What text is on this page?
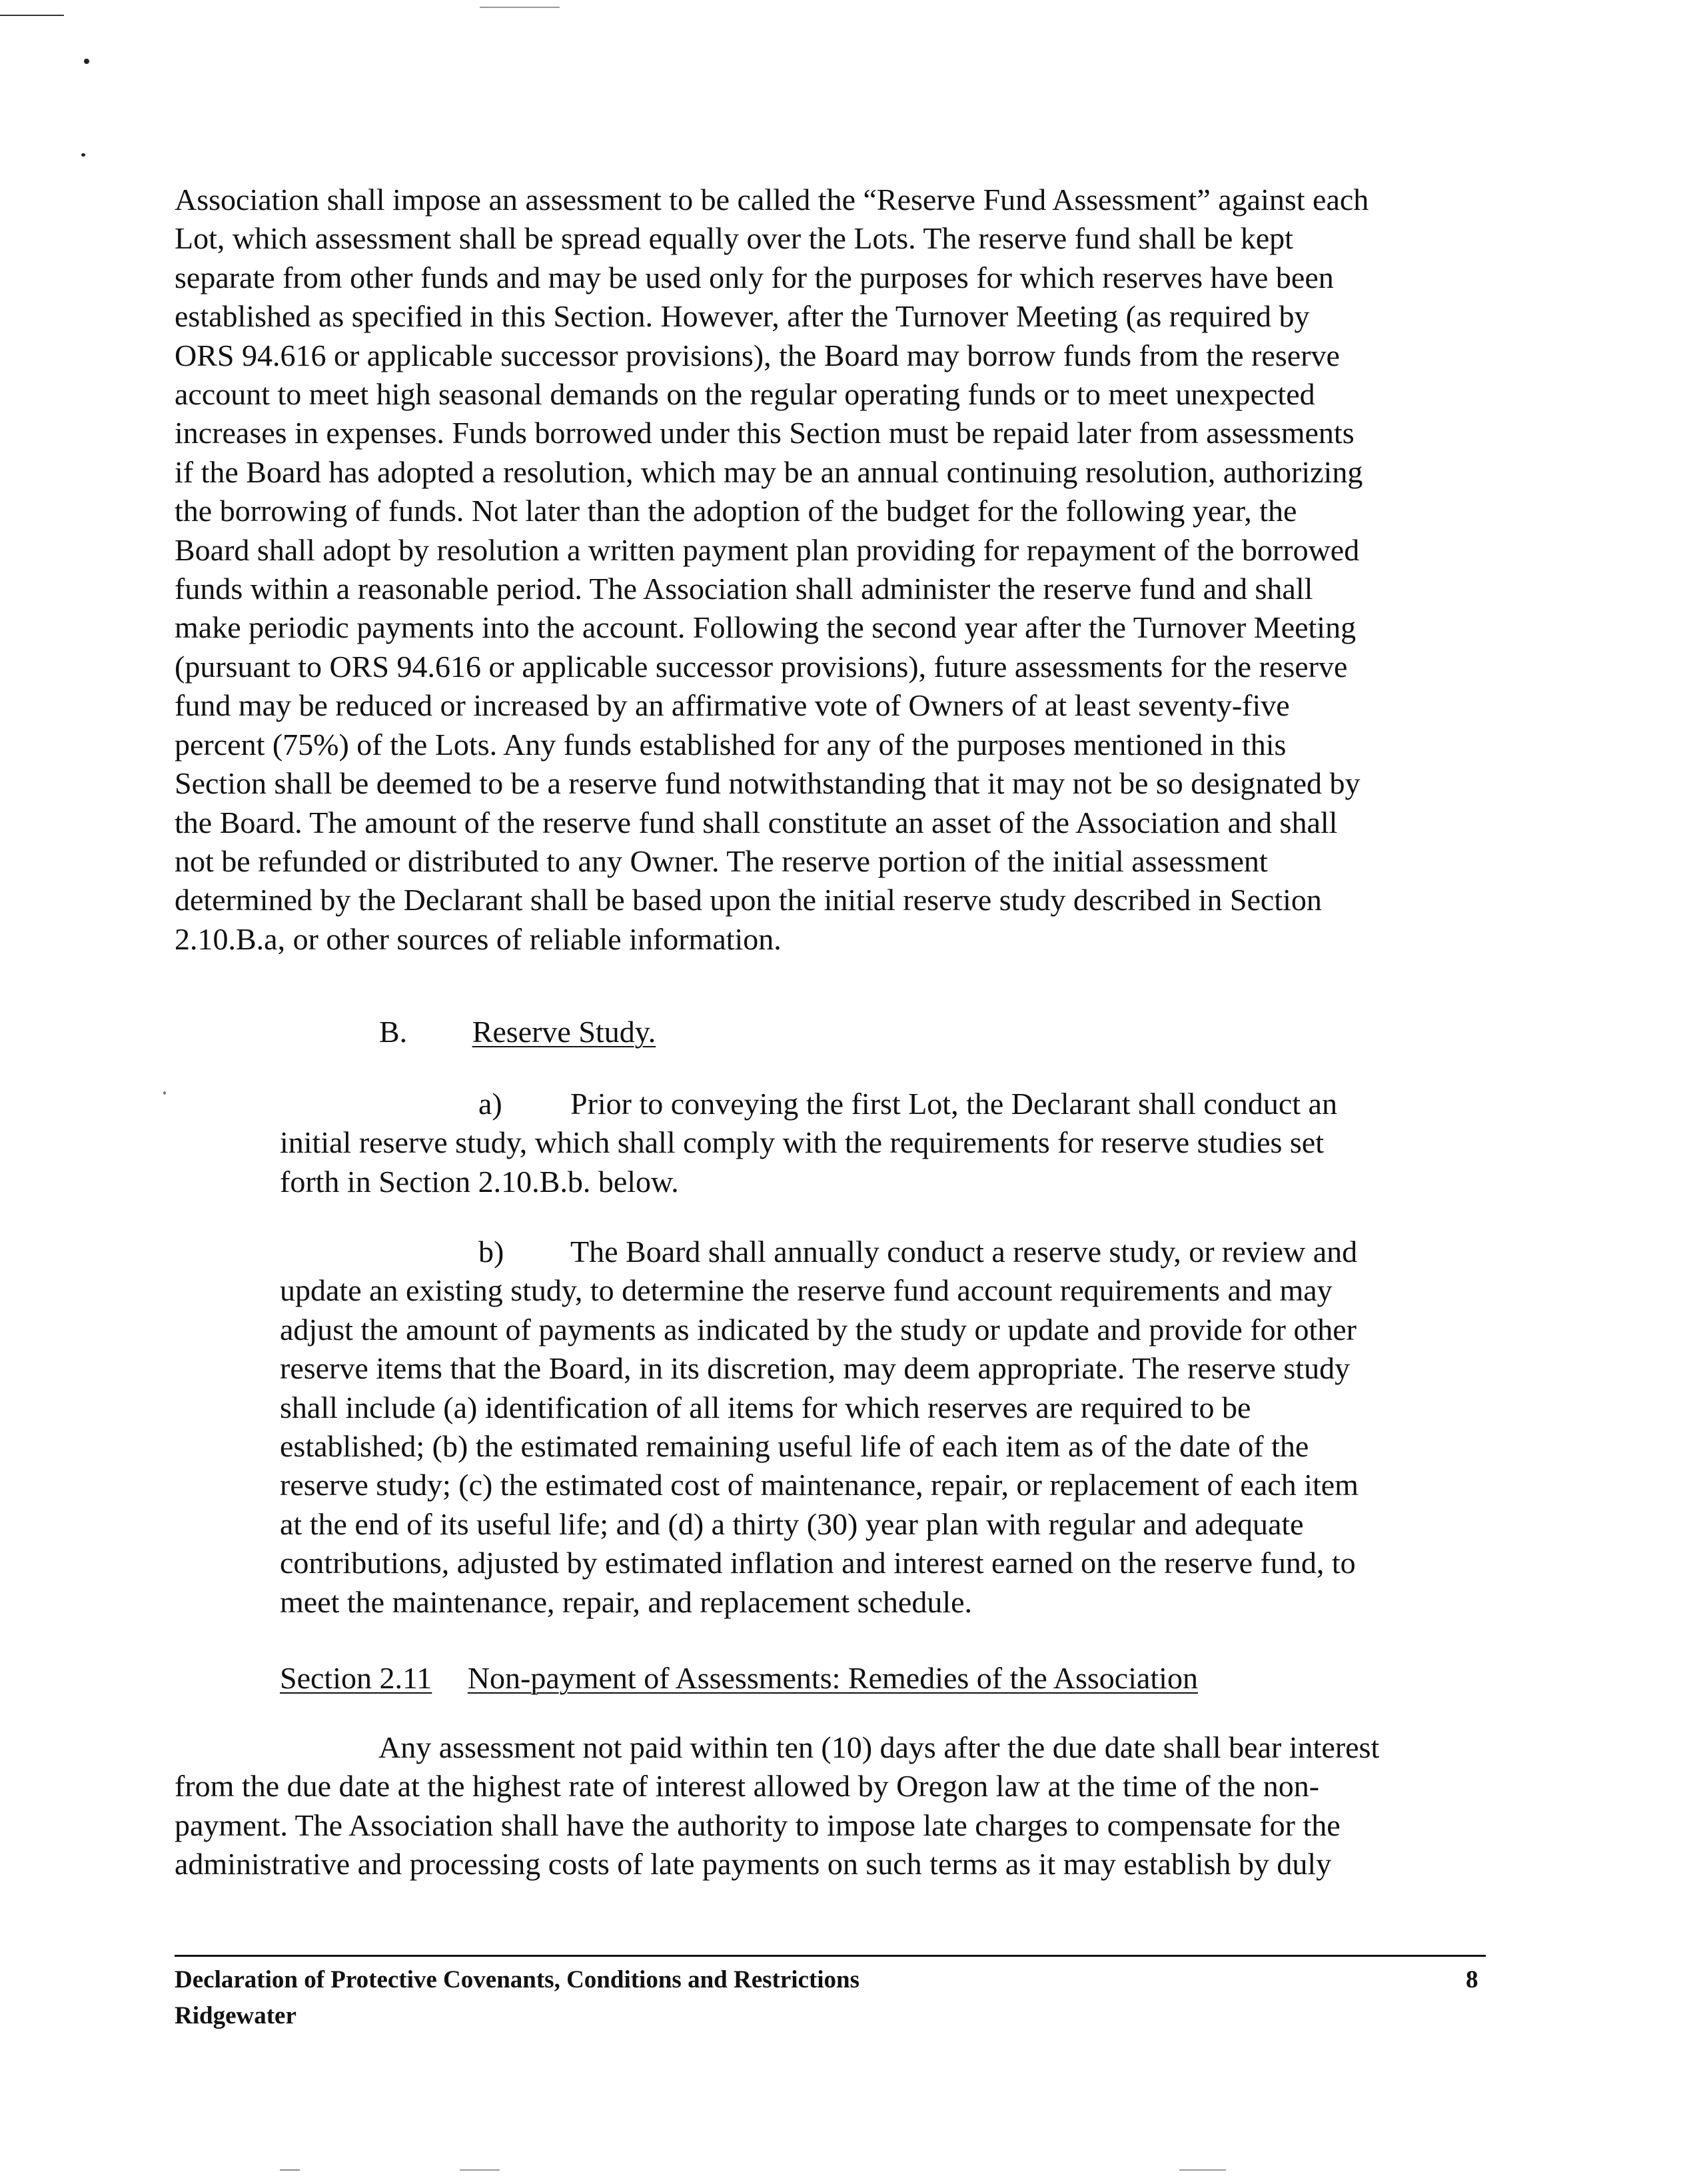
Association shall impose an assessment to be called the “Reserve Fund Assessment” against each
Lot, which assessment shall be spread equally over the Lots. The reserve fund shall be kept
separate from other funds and may be used only for the purposes for which reserves have been
established as specified in this Section. However, after the Turnover Meeting (as required by
ORS 94.616 or applicable successor provisions), the Board may borrow funds from the reserve
account to meet high seasonal demands on the regular operating funds or to meet unexpected
increases in expenses. Funds borrowed under this Section must be repaid later from assessments
if the Board has adopted a resolution, which may be an annual continuing resolution, authorizing
the borrowing of funds. Not later than the adoption of the budget for the following year, the
Board shall adopt by resolution a written payment plan providing for repayment of the borrowed
funds within a reasonable period. The Association shall administer the reserve fund and shall
make periodic payments into the account. Following the second year after the Turnover Meeting
(pursuant to ORS 94.616 or applicable successor provisions), future assessments for the reserve
fund may be reduced or increased by an affirmative vote of Owners of at least seventy-five
percent (75%) of the Lots. Any funds established for any of the purposes mentioned in this
Section shall be deemed to be a reserve fund notwithstanding that it may not be so designated by
the Board. The amount of the reserve fund shall constitute an asset of the Association and shall
not be refunded or distributed to any Owner. The reserve portion of the initial assessment
determined by the Declarant shall be based upon the initial reserve study described in Section
2.10.B.a, or other sources of reliable information.
B. Reserve Study.
a) Prior to conveying the first Lot, the Declarant shall conduct an
initial reserve study, which shall comply with the requirements for reserve studies set
forth in Section 2.10.B.b. below.
b) The Board shall annually conduct a reserve study, or review and
update an existing study, to determine the reserve fund account requirements and may
adjust the amount of payments as indicated by the study or update and provide for other
reserve items that the Board, in its discretion, may deem appropriate. The reserve study
shall include (a) identification of all items for which reserves are required to be
established; (b) the estimated remaining useful life of each item as of the date of the
reserve study; (c) the estimated cost of maintenance, repair, or replacement of each item
at the end of its useful life; and (d) a thirty (30) year plan with regular and adequate
contributions, adjusted by estimated inflation and interest earned on the reserve fund, to
meet the maintenance, repair, and replacement schedule.
Section 2.11 Non-payment of Assessments: Remedies of the Association
Any assessment not paid within ten (10) days after the due date shall bear interest
from the due date at the highest rate of interest allowed by Oregon law at the time of the non-
payment. The Association shall have the authority to impose late charges to compensate for the
administrative and processing costs of late payments on such terms as it may establish by duly
Declaration of Protective Covenants, Conditions and Restrictions
Ridgewater
8
